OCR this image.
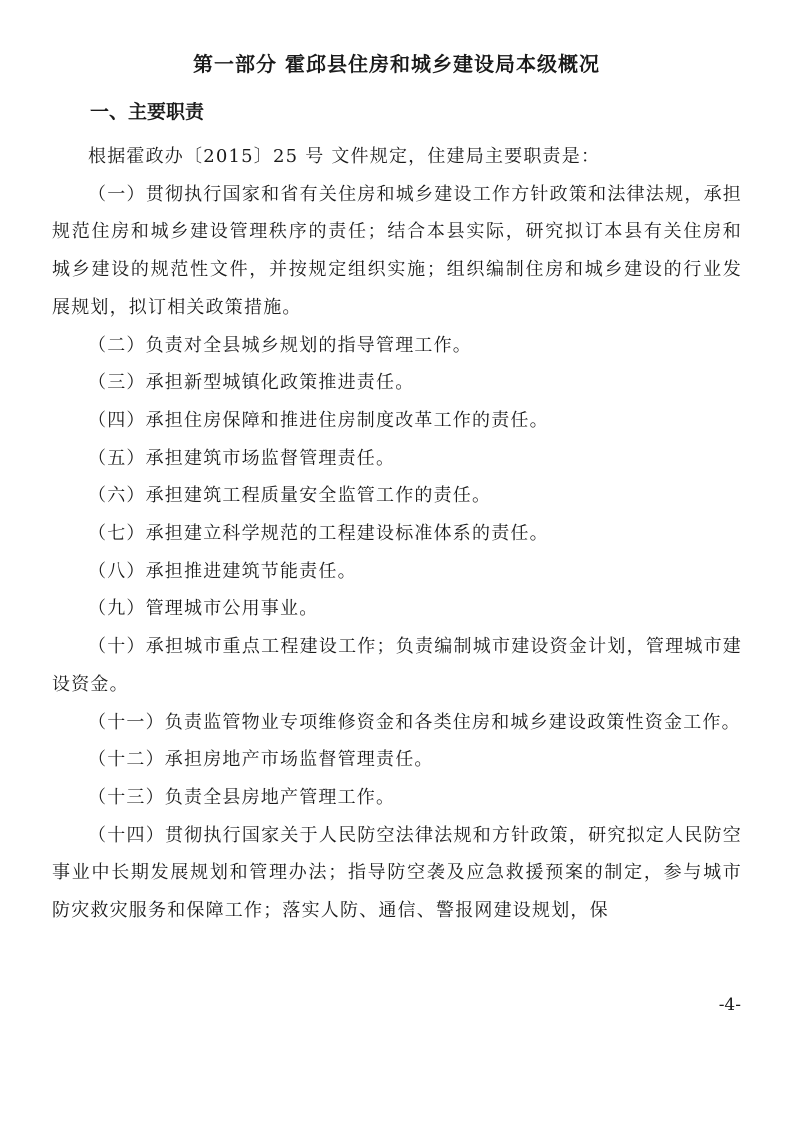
第一部分 霍邱县住房和城乡建设局本级概况
一、主要职责

根据霍政办〔2015〕25 号 文件规定，住建局主要职责是：

（一）贯彻执行国家和省有关住房和城乡建设工作方针政策和法律法规，承担规范住房和城乡建设管理秩序的责任；结合本县实际，研究拟订本县有关住房和城乡建设的规范性文件，并按规定组织实施；组织编制住房和城乡建设的行业发展规划，拟订相关政策措施。

（二）负责对全县城乡规划的指导管理工作。

（三）承担新型城镇化政策推进责任。

（四）承担住房保障和推进住房制度改革工作的责任。

（五）承担建筑市场监督管理责任。

（六）承担建筑工程质量安全监管工作的责任。

（七）承担建立科学规范的工程建设标准体系的责任。

（八）承担推进建筑节能责任。

（九）管理城市公用事业。

（十）承担城市重点工程建设工作；负责编制城市建设资金计划，管理城市建设资金。

（十一）负责监管物业专项维修资金和各类住房和城乡建设政策性资金工作。

（十二）承担房地产市场监督管理责任。

（十三）负责全县房地产管理工作。

（十四）贯彻执行国家关于人民防空法律法规和方针政策，研究拟定人民防空事业中长期发展规划和管理办法；指导防空袭及应急救援预案的制定，参与城市防灾救灾服务和保障工作；落实人防、通信、警报网建设规划，保

-4-
